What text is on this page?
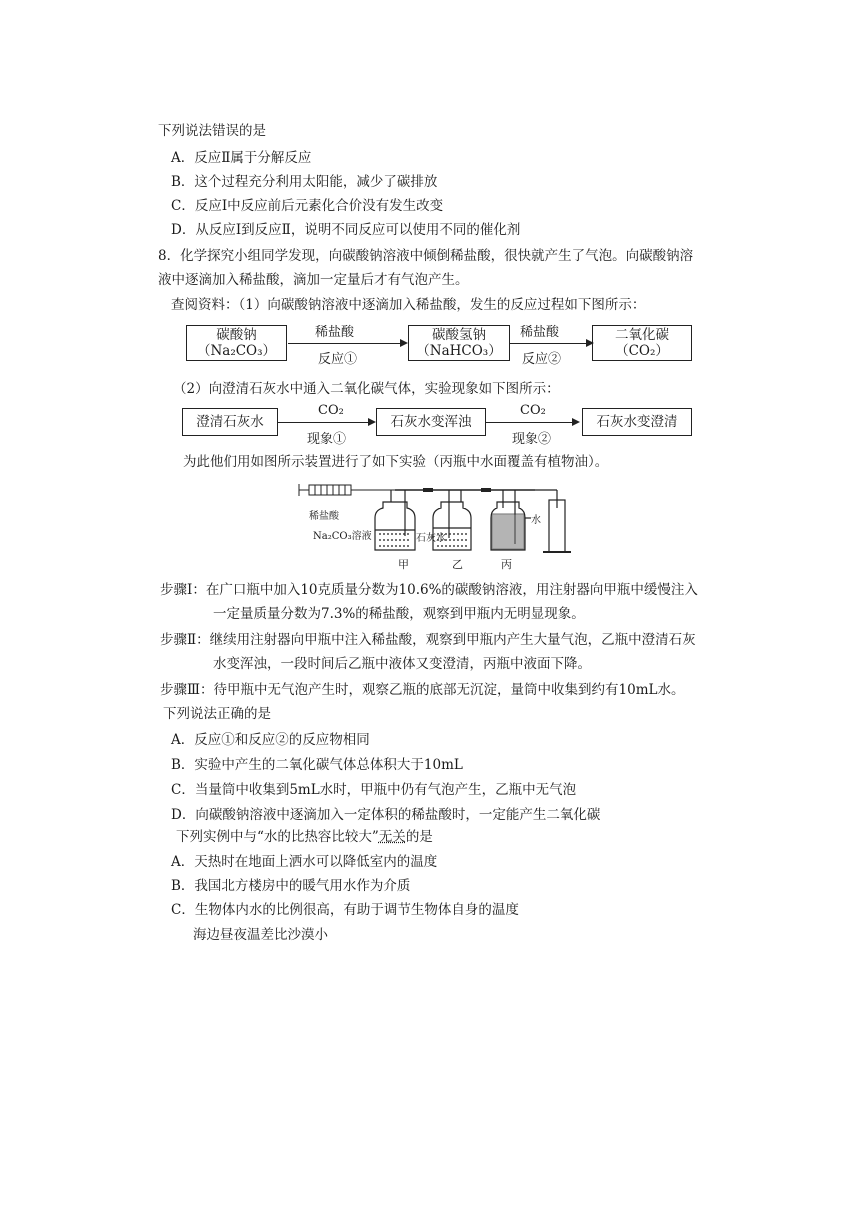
下列说法错误的是
A．反应Ⅱ属于分解反应
B．这个过程充分利用太阳能，减少了碳排放
C．反应Ⅰ中反应前后元素化合价没有发生改变
D．从反应Ⅰ到反应Ⅱ，说明不同反应可以使用不同的催化剂
8．化学探究小组同学发现，向碳酸钠溶液中倾倒稀盐酸，很快就产生了气泡。向碳酸钠溶
液中逐滴加入稀盐酸，滴加一定量后才有气泡产生。
查阅资料：（1）向碳酸钠溶液中逐滴加入稀盐酸，发生的反应过程如下图所示：
碳酸钠
（Na₂CO₃）
稀盐酸
反应①
碳酸氢钠
（NaHCO₃）
稀盐酸
反应②
二氧化碳
（CO₂）
（2）向澄清石灰水中通入二氧化碳气体，实验现象如下图所示：
澄清石灰水
CO₂
现象①
石灰水变浑浊
CO₂
现象②
石灰水变澄清
为此他们用如图所示装置进行了如下实验（丙瓶中水面覆盖有植物油）。
稀盐酸
Na₂CO₃溶液	石灰水
水
甲	乙	丙
步骤Ⅰ：在广口瓶中加入10克质量分数为10.6%的碳酸钠溶液，用注射器向甲瓶中缓慢注入
一定量质量分数为7.3%的稀盐酸，观察到甲瓶内无明显现象。
步骤Ⅱ：继续用注射器向甲瓶中注入稀盐酸，观察到甲瓶内产生大量气泡，乙瓶中澄清石灰
水变浑浊，一段时间后乙瓶中液体又变澄清，丙瓶中液面下降。
步骤Ⅲ：待甲瓶中无气泡产生时，观察乙瓶的底部无沉淀，量筒中收集到约有10mL水。
下列说法正确的是
A．反应①和反应②的反应物相同
B．实验中产生的二氧化碳气体总体积大于10mL
C．当量筒中收集到5mL水时，甲瓶中仍有气泡产生，乙瓶中无气泡
D．向碳酸钠溶液中逐滴加入一定体积的稀盐酸时，一定能产生二氧化碳
下列实例中与“水的比热容比较大”无关的是
A．天热时在地面上洒水可以降低室内的温度
B．我国北方楼房中的暖气用水作为介质
C．生物体内水的比例很高，有助于调节生物体自身的温度
海边昼夜温差比沙漠小
